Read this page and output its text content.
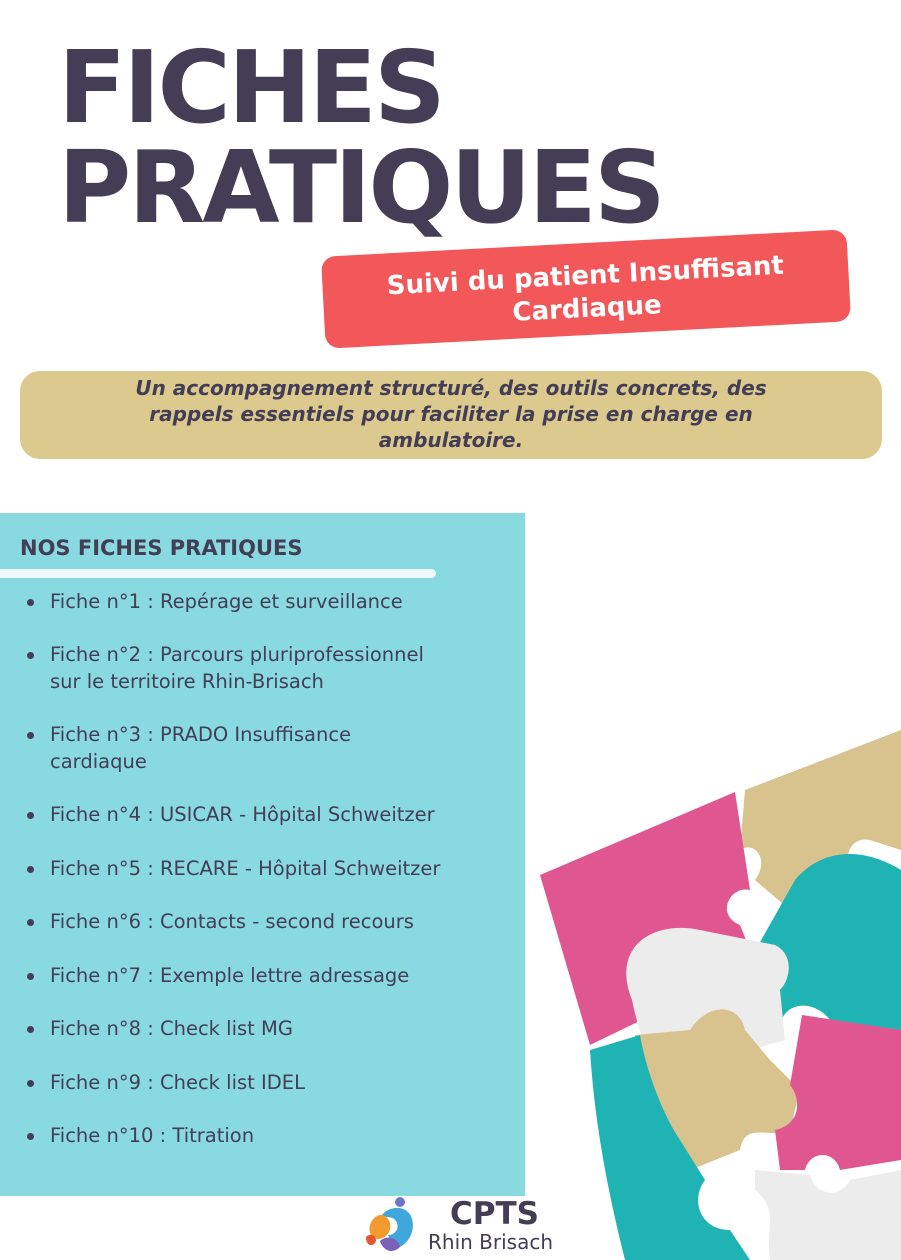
FICHES
PRATIQUES
Suivi du patient Insuffisant
Cardiaque
Un accompagnement structuré, des outils concrets, des
rappels essentiels pour faciliter la prise en charge en
ambulatoire.
NOS FICHES PRATIQUES
Fiche n°1 : Repérage et surveillance
Fiche n°2 : Parcours pluriprofessionnel
sur le territoire Rhin-Brisach
Fiche n°3 : PRADO Insuffisance
cardiaque
Fiche n°4 : USICAR - Hôpital Schweitzer
Fiche n°5 : RECARE - Hôpital Schweitzer
Fiche n°6 : Contacts - second recours
Fiche n°7 : Exemple lettre adressage
Fiche n°8 : Check list MG
Fiche n°9 : Check list IDEL
Fiche n°10 : Titration
CPTS
Rhin Brisach
